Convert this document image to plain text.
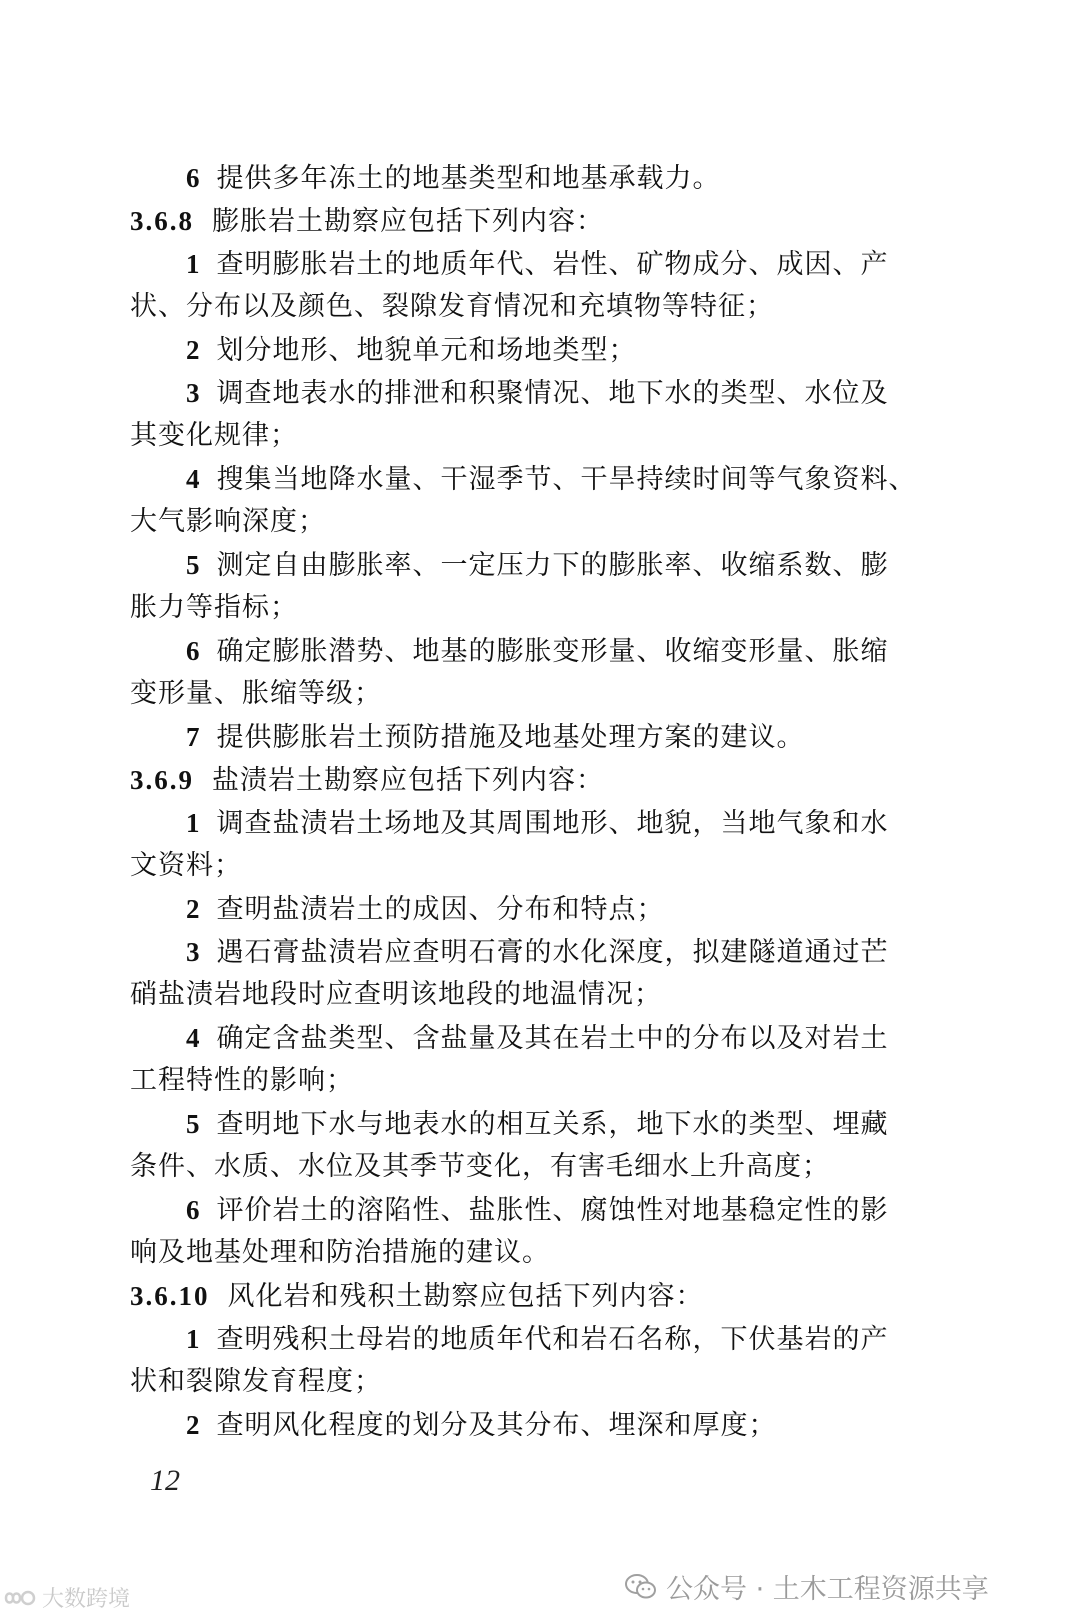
6 提供多年冻土的地基类型和地基承载力。
3.6.8 膨胀岩土勘察应包括下列内容：
1 查明膨胀岩土的地质年代、岩性、矿物成分、成因、产
状、分布以及颜色、裂隙发育情况和充填物等特征；
2 划分地形、地貌单元和场地类型；
3 调查地表水的排泄和积聚情况、地下水的类型、水位及
其变化规律；
4 搜集当地降水量、干湿季节、干旱持续时间等气象资料、
大气影响深度；
5 测定自由膨胀率、一定压力下的膨胀率、收缩系数、膨
胀力等指标；
6 确定膨胀潜势、地基的膨胀变形量、收缩变形量、胀缩
变形量、胀缩等级；
7 提供膨胀岩土预防措施及地基处理方案的建议。
3.6.9 盐渍岩土勘察应包括下列内容：
1 调查盐渍岩土场地及其周围地形、地貌，当地气象和水
文资料；
2 查明盐渍岩土的成因、分布和特点；
3 遇石膏盐渍岩应查明石膏的水化深度，拟建隧道通过芒
硝盐渍岩地段时应查明该地段的地温情况；
4 确定含盐类型、含盐量及其在岩土中的分布以及对岩土
工程特性的影响；
5 查明地下水与地表水的相互关系，地下水的类型、埋藏
条件、水质、水位及其季节变化，有害毛细水上升高度；
6 评价岩土的溶陷性、盐胀性、腐蚀性对地基稳定性的影
响及地基处理和防治措施的建议。
3.6.10 风化岩和残积土勘察应包括下列内容：
1 查明残积土母岩的地质年代和岩石名称，下伏基岩的产
状和裂隙发育程度；
2 查明风化程度的划分及其分布、埋深和厚度；
12
大数跨境	公众号 · 土木工程资源共享
